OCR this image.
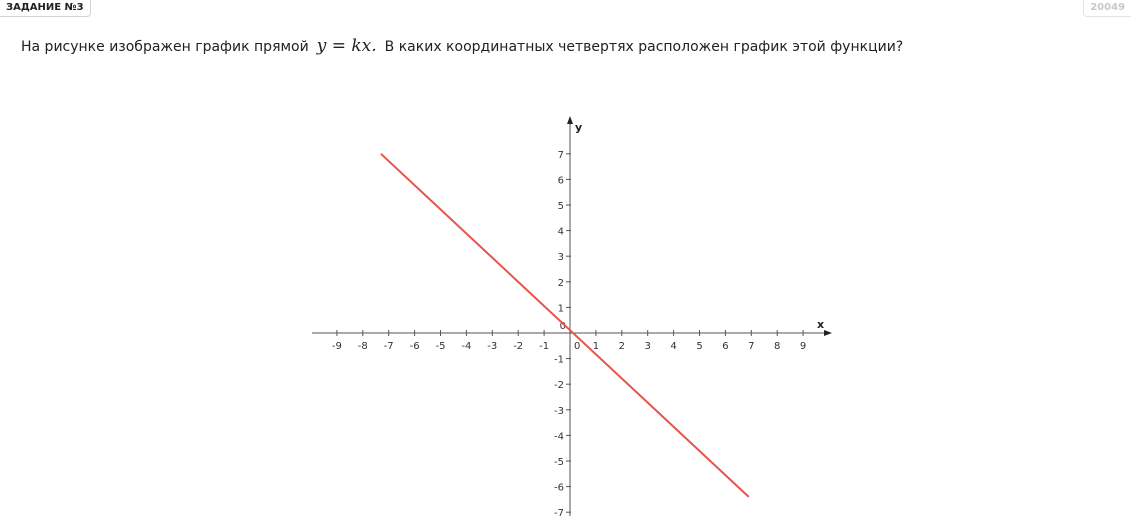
ЗАДАНИЕ №3	20049
На рисунке изображен график прямой y = kx. В каких координатных четвертях расположен график этой функции?
x
y
-9 -8 -7 -6 -5 -4 -3 -2 -1	1 2 3 4 5 6 7 8 9
7
6
5
4
3
2
1
-1
-2
-3
-4
-5
-6
-7
0
0
